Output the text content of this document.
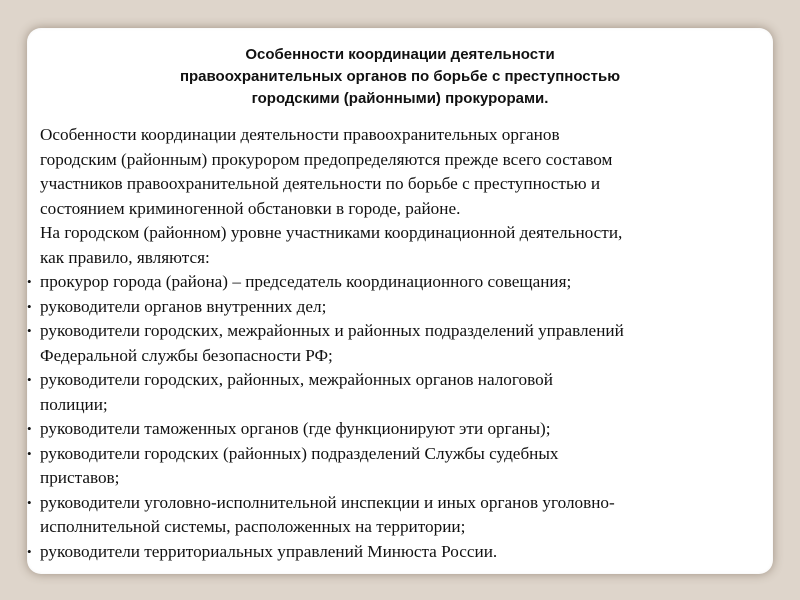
Особенности координации деятельности
правоохранительных органов по борьбе с преступностью
городскими (районными) прокурорами.
Особенности координации деятельности правоохранительных органов
городским (районным) прокурором предопределяются прежде всего составом
участников правоохранительной деятельности по борьбе с преступностью и
состоянием криминогенной обстановки в городе, районе.
На городском (районном) уровне участниками координационной деятельности,
как правило, являются:
• прокурор города (района) – председатель координационного совещания;
• руководители органов внутренних дел;
• руководители городских, межрайонных и районных подразделений управлений
Федеральной службы безопасности РФ;
• руководители городских, районных, межрайонных органов налоговой
полиции;
• руководители таможенных органов (где функционируют эти органы);
• руководители городских (районных) подразделений Службы судебных
приставов;
• руководители уголовно-исполнительной инспекции и иных органов уголовно-
исполнительной системы, расположенных на территории;
• руководители территориальных управлений Минюста России.
